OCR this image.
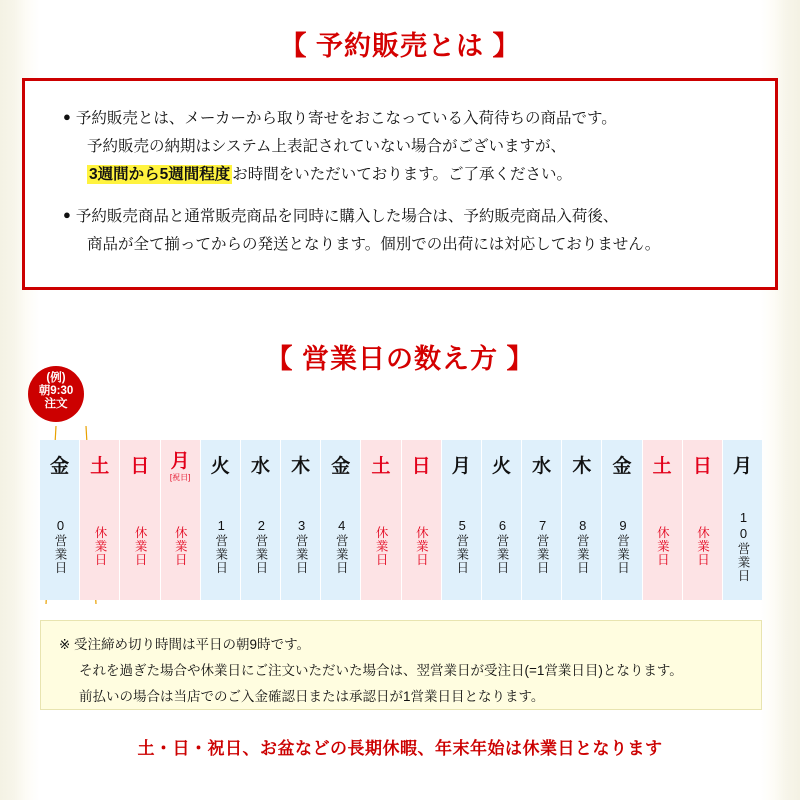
【 予約販売とは 】
● 予約販売とは、メーカーから取り寄せをおこなっている入荷待ちの商品です。
予約販売の納期はシステム上表記されていない場合がございますが、
3週間から5週間程度 お時間をいただいております。ご了承ください。
● 予約販売商品と通常販売商品を同時に購入した場合は、予約販売商品入荷後、
商品が全て揃ってからの発送となります。個別での出荷には対応しておりません。
【 営業日の数え方 】
(例)
朝9:30
注文
金
0営業日
土
休業日
日
休業日
月
[祝日]
休業日
火
1営業日
水
2営業日
木
3営業日
金
4営業日
土
休業日
日
休業日
月
5営業日
火
6営業日
水
7営業日
木
8営業日
金
9営業日
土
休業日
日
休業日
月
10営業日
※ 受注締め切り時間は平日の朝9時です。
それを過ぎた場合や休業日にご注文いただいた場合は、翌営業日が受注日(=1営業日目)となります。
前払いの場合は当店でのご入金確認日または承認日が1営業日目となります。
土・日・祝日、お盆などの長期休暇、年末年始は休業日となります
